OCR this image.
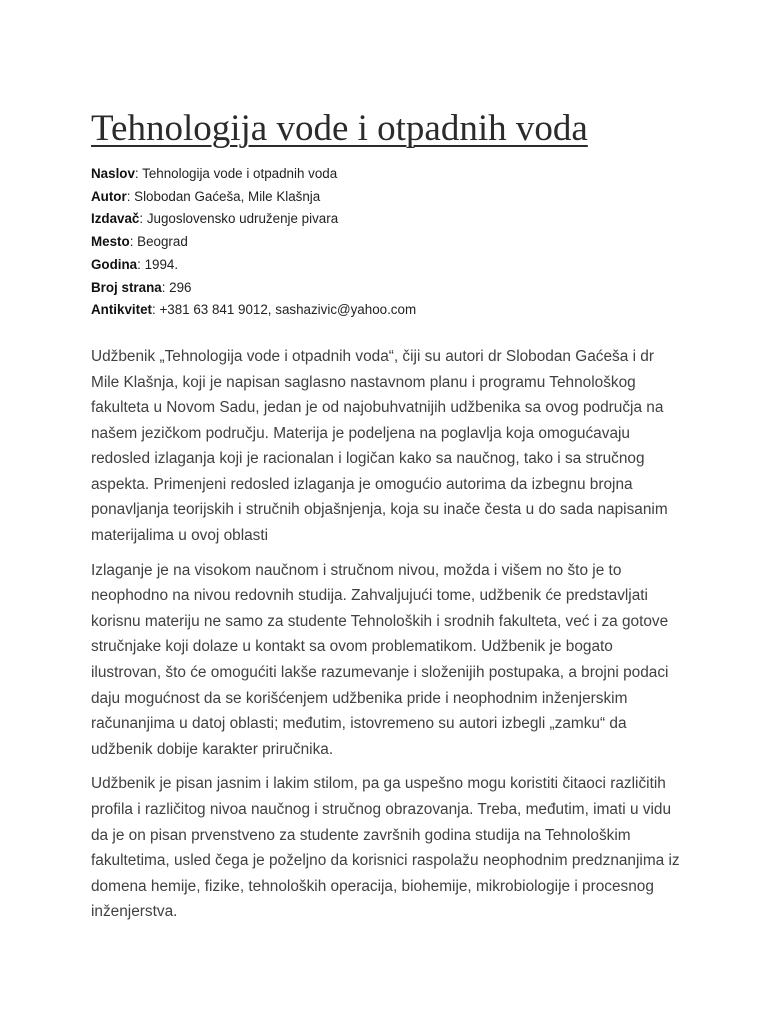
Tehnologija vode i otpadnih voda
Naslov: Tehnologija vode i otpadnih voda
Autor: Slobodan Gaćeša, Mile Klašnja
Izdavač: Jugoslovensko udruženje pivara
Mesto: Beograd
Godina: 1994.
Broj strana: 296
Antikvitet: +381 63 841 9012, sashazivic@yahoo.com

Udžbenik „Tehnologija vode i otpadnih voda“, čiji su autori dr Slobodan Gaćeša i dr Mile Klašnja, koji je napisan saglasno nastavnom planu i programu Tehnološkog fakulteta u Novom Sadu, jedan je od najobuhvatnijih udžbenika sa ovog područja na našem jezičkom području. Materija je podeljena na poglavlja koja omogućavaju redosled izlaganja koji je racionalan i logičan kako sa naučnog, tako i sa stručnog aspekta. Primenjeni redosled izlaganja je omogućio autorima da izbegnu brojna ponavljanja teorijskih i stručnih objašnjenja, koja su inače česta u do sada napisanim materijalima u ovoj oblasti

Izlaganje je na visokom naučnom i stručnom nivou, možda i višem no što je to neophodno na nivou redovnih studija. Zahvaljujući tome, udžbenik će predstavljati korisnu materiju ne samo za studente Tehnoloških i srodnih fakulteta, već i za gotove stručnjake koji dolaze u kontakt sa ovom problematikom. Udžbenik je bogato ilustrovan, što će omogućiti lakše razumevanje i složenijih postupaka, a brojni podaci daju mogućnost da se korišćenjem udžbenika pride i neophodnim inženjerskim računanjima u datoj oblasti; međutim, istovremeno su autori izbegli „zamku“ da udžbenik dobije karakter priručnika.

Udžbenik je pisan jasnim i lakim stilom, pa ga uspešno mogu koristiti čitaoci različitih profila i različitog nivoa naučnog i stručnog obrazovanja. Treba, međutim, imati u vidu da je on pisan prvenstveno za studente završnih godina studija na Tehnološkim fakultetima, usled čega je poželjno da korisnici raspolažu neophodnim predznanjima iz domena hemije, fizike, tehnoloških operacija, biohemije, mikrobiologije i procesnog inženjerstva.
